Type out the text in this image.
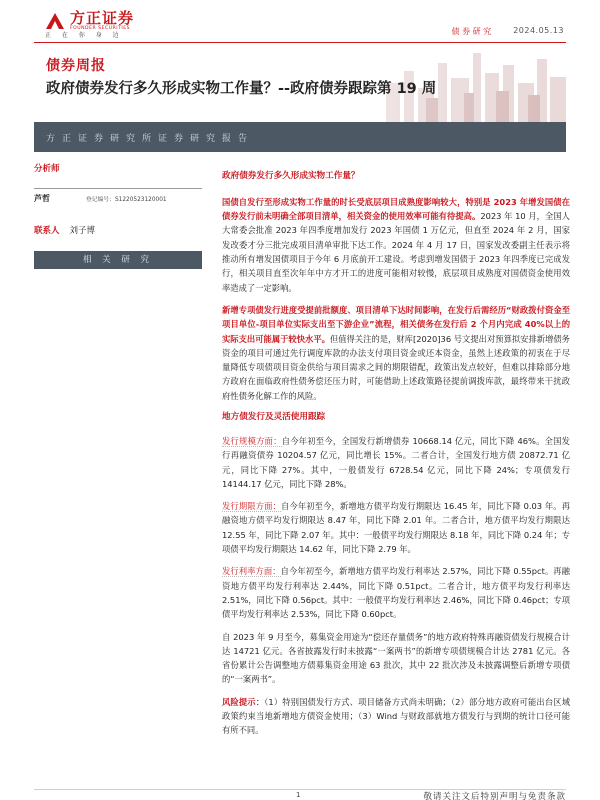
方正证券
FOUNDER SECURITIES
正 在 你 身 边	债 券 研 究	2024.05.13
债券周报
政府债券发行多久形成实物工作量？--政府债券跟踪第 19 周
方正证券研究所证券研究报告
分析师
芦哲	登记编号：S1220523120001
联系人 刘子博
相 关 研 究
政府债券发行多久形成实物工作量？
国债自发行至形成实物工作量的时长受底层项目成熟度影响较大，特别是 2023 年增发国债在债券发行前未明确全部项目清单，相关资金的使用效率可能有待提高。2023 年 10 月，全国人大常委会批准 2023 年四季度增加发行 2023 年国债 1 万亿元，但直至 2024 年 2 月，国家发改委才分三批完成项目清单审批下达工作。2024 年 4 月 17 日，国家发改委副主任表示将推动所有增发国债项目于今年 6 月底前开工建设。考虑到增发国债于 2023 年四季度已完成发行，相关项目直至次年年中方才开工的进度可能相对较慢，底层项目成熟度对国债资金使用效率造成了一定影响。
新增专项债发行进度受提前批额度、项目清单下达时间影响，在发行后需经历“财政拨付资金至项目单位-项目单位实际支出至下游企业”流程，相关债务在发行后 2 个月内完成 40%以上的实际支出可能属于较快水平。但值得关注的是，财库[2020]36 号文提出对预算拟安排新增债务资金的项目可通过先行调度库款的办法支付项目资金或还本资金，虽然上述政策的初衷在于尽量降低专项债项目资金供给与项目需求之间的期限错配，政策出发点较好，但难以排除部分地方政府在面临政府性债务偿还压力时，可能借助上述政策路径提前调拨库款，最终带来干扰政府性债务化解工作的风险。
地方债发行及灵活使用跟踪
发行规模方面：自今年初至今，全国发行新增债券 10668.14 亿元，同比下降 46%。全国发行再融资债券 10204.57 亿元，同比增长 15%。二者合计，全国发行地方债 20872.71 亿元，同比下降 27%。其中，一般债发行 6728.54 亿元，同比下降 24%；专项债发行 14144.17 亿元，同比下降 28%。
发行期限方面：自今年初至今，新增地方债平均发行期限达 16.45 年，同比下降 0.03 年。再融资地方债平均发行期限达 8.47 年，同比下降 2.01 年。二者合计，地方债平均发行期限达 12.55 年，同比下降 2.07 年。其中：一般债平均发行期限达 8.18 年，同比下降 0.24 年；专项债平均发行期限达 14.62 年，同比下降 2.79 年。
发行利率方面：自今年初至今，新增地方债平均发行利率达 2.57%，同比下降 0.55pct。再融资地方债平均发行利率达 2.44%，同比下降 0.51pct。二者合计，地方债平均发行利率达 2.51%，同比下降 0.56pct。其中：一般债平均发行利率达 2.46%，同比下降 0.46pct；专项债平均发行利率达 2.53%，同比下降 0.60pct。
自 2023 年 9 月至今，募集资金用途为“偿还存量债务”的地方政府特殊再融资债发行规模合计达 14721 亿元。各省披露发行时未披露“一案两书”的新增专项债规模合计达 2781 亿元。各省份累计公告调整地方债募集资金用途 63 批次，其中 22 批次涉及未披露调整后新增专项债的“一案两书”。
风险提示：（1）特别国债发行方式、项目储备方式尚未明确；（2）部分地方政府可能出台区域政策约束当地新增地方债资金使用；（3）Wind 与财政部就地方债发行与到期的统计口径可能有所不同。
1	敬请关注文后特别声明与免责条款
